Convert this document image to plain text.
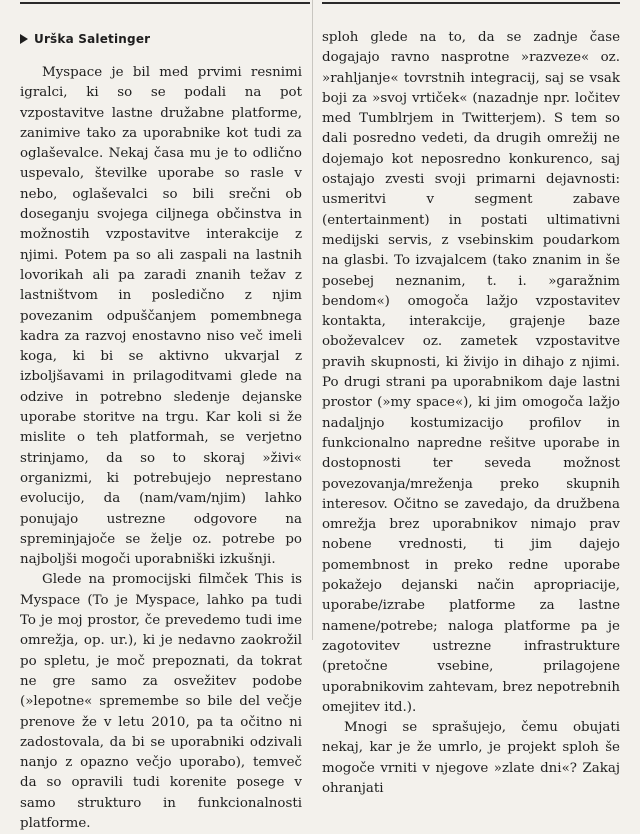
Urška Saletinger

Myspace je bil med prvimi resnimi igralci, ki so se podali na pot vzpostavitve lastne družabne platforme, zanimive tako za uporabnike kot tudi za oglaševalce. Nekaj časa mu je to odlično uspevalo, številke uporabe so rasle v nebo, oglaševalci so bili srečni ob doseganju svojega ciljnega občinstva in možnostih vzpostavitve interakcije z njimi. Potem pa so ali zaspali na lastnih lovorikah ali pa zaradi znanih težav z lastništvom in posledično z njim povezanim odpuščanjem pomembnega kadra za razvoj enostavno niso več imeli koga, ki bi se aktivno ukvarjal z izboljšavami in prilagoditvami glede na odzive in potrebno sledenje dejanske uporabe storitve na trgu. Kar koli si že mislite o teh platformah, se verjetno strinjamo, da so to skoraj »živi« organizmi, ki potrebujejo neprestano evolucijo, da (nam/vam/njim) lahko ponujajo ustrezne odgovore na spreminjajoče se želje oz. potrebe po najboljši mogoči uporabniški izkušnji.

Glede na promocijski filmček This is Myspace (To je Myspace, lahko pa tudi To je moj prostor, če prevedemo tudi ime omrežja, op. ur.), ki je nedavno zaokrožil po spletu, je moč prepoznati, da tokrat ne gre samo za osvežitev podobe (»lepotne« spremembe so bile del večje prenove že v letu 2010, pa ta očitno ni zadostovala, da bi se uporabniki odzivali nanjo z opazno večjo uporabo), temveč da so opravili tudi korenite posege v samo strukturo in funkcionalnosti platforme.

sploh glede na to, da se zadnje čase dogajajo ravno nasprotne »razveze« oz. »rahljanje« tovrstnih integracij, saj se vsak boji za »svoj vrtiček« (nazadnje npr. ločitev med Tumblrjem in Twitterjem). S tem so dali posredno vedeti, da drugih omrežij ne dojemajo kot neposredno konkurenco, saj ostajajo zvesti svoji primarni dejavnosti: usmeritvi v segment zabave (entertainment) in postati ultimativni medijski servis, z vsebinskim poudarkom na glasbi. To izvajalcem (tako znanim in še posebej neznanim, t. i. »garažnim bendom«) omogoča lažjo vzpostavitev kontakta, interakcije, grajenje baze oboževalcev oz. zametek vzpostavitve pravih skupnosti, ki živijo in dihajo z njimi. Po drugi strani pa uporabnikom daje lastni prostor (»my space«), ki jim omogoča lažjo nadaljnjo kostumizacijo profilov in funkcionalno napredne rešitve uporabe in dostopnosti ter seveda možnost povezovanja/mreženja preko skupnih interesov. Očitno se zavedajo, da družbena omrežja brez uporabnikov nimajo prav nobene vrednosti, ti jim dajejo pomembnost in preko redne uporabe pokažejo dejanski način apropriacije, uporabe/izrabe platforme za lastne namene/potrebe; naloga platforme pa je zagotovitev ustrezne infrastrukture (pretočne vsebine, prilagojene uporabnikovim zahtevam, brez nepotrebnih omejitev itd.).

Mnogi se sprašujejo, čemu obujati nekaj, kar je že umrlo, je projekt sploh še mogoče vrniti v njegove »zlate dni«? Zakaj ohranjati
